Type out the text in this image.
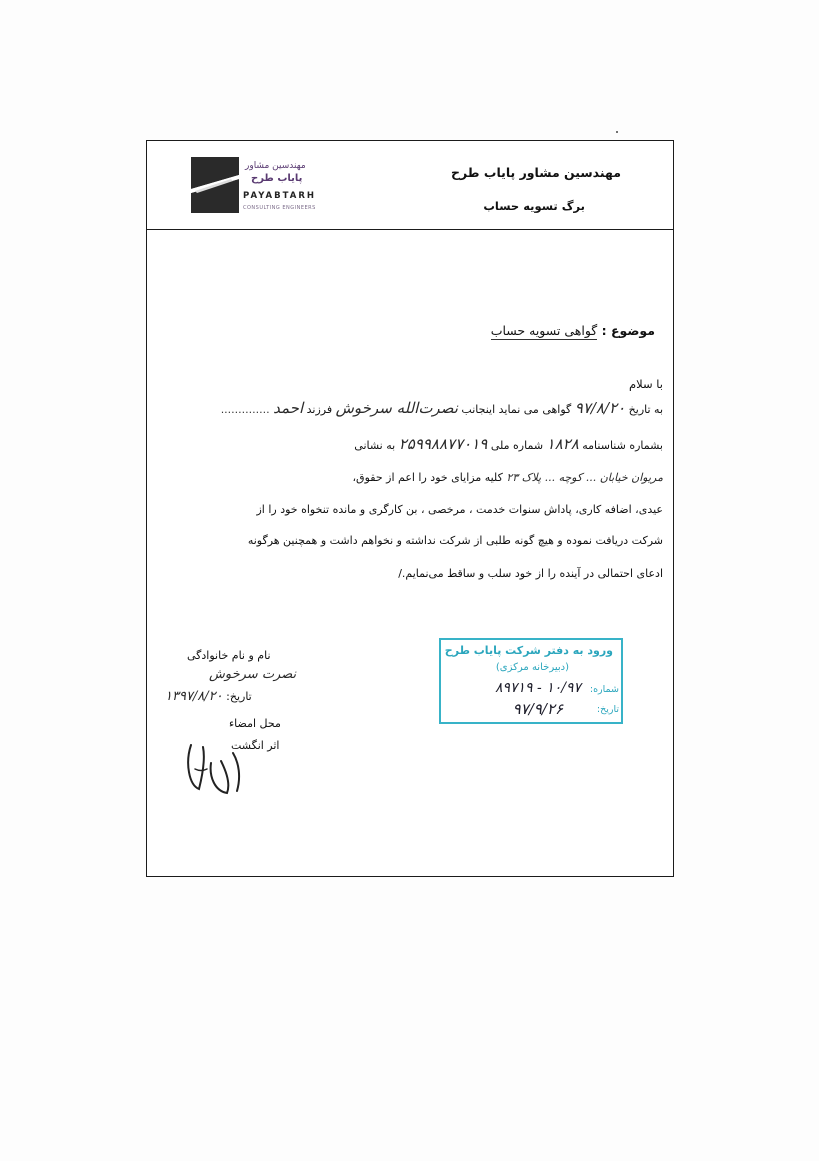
مهندسین مشاور پایاب طرح
برگ تسویه حساب
مهندسین مشاور
پایاب طرح
PAYABTARH
CONSULTING ENGINEERS
موضوع : گواهی تسویه حساب
با سلام
به تاریخ ۹۷/۸/۲۰ گواهی می نماید اینجانب نصرت‌الله سرخوش فرزند احمد ..............
بشماره شناسنامه ۱۸۲۸ شماره ملی ۲۵۹۹۸۸۷۷۰۱۹ به نشانی
مریوان خیابان ... کوچه ... پلاک ۲۳ کلیه مزایای خود را اعم از حقوق،
عیدی، اضافه کاری، پاداش سنوات خدمت ، مرخصی ، بن کارگری و مانده تنخواه خود را از
شرکت دریافت نموده و هیچ گونه طلبی از شرکت نداشته و نخواهم داشت و همچنین هرگونه
ادعای احتمالی در آینده را از خود سلب و ساقط می‌نمایم./
نام و نام خانوادگی
نصرت سرخوش
تاریخ: ۱۳۹۷/۸/۲۰
محل امضاء
اثر انگشت
ورود به دفتر شرکت پایاب طرح
(دبیرخانه مرکزی)
شماره:
۱۰/۹۷ - ۸۹۷۱۹
تاریخ:
۹۷/۹/۲۶
